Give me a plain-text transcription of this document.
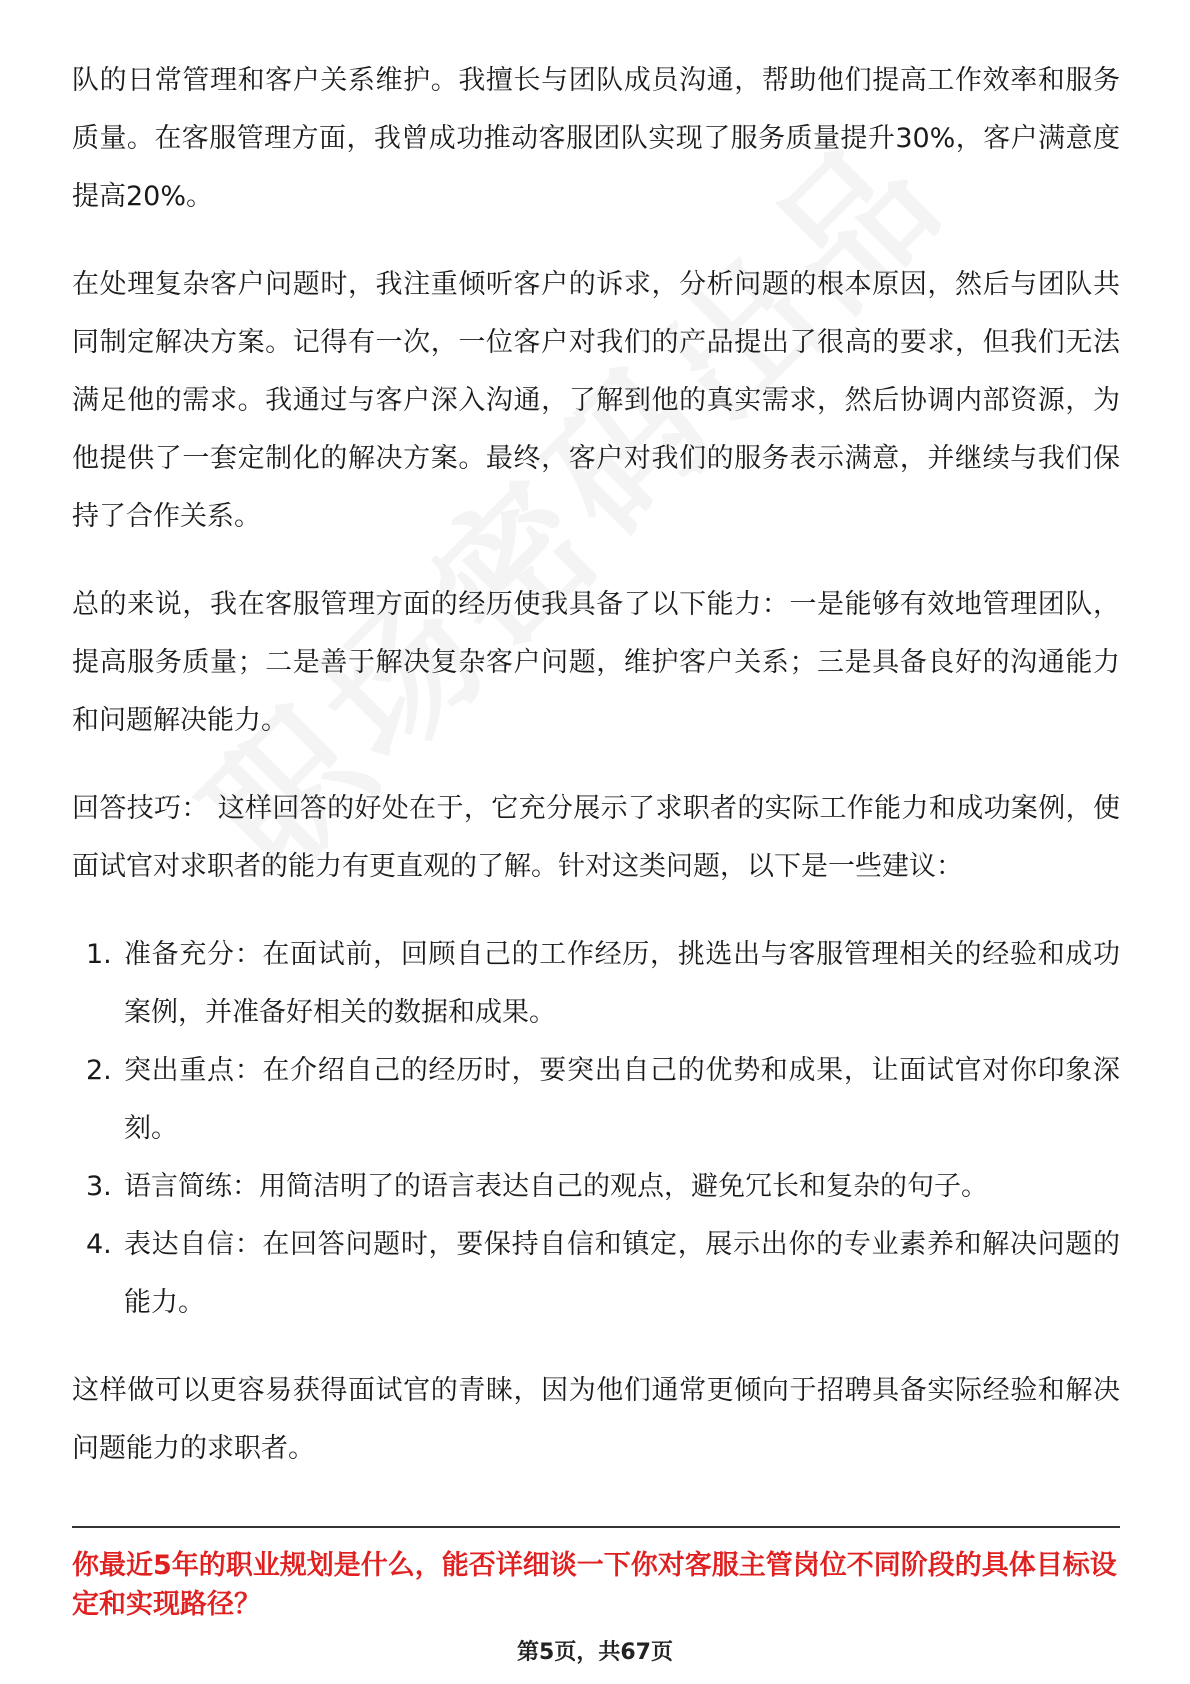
队的日常管理和客户关系维护。我擅长与团队成员沟通，帮助他们提高工作效率和服务质量。在客服管理方面，我曾成功推动客服团队实现了服务质量提升30%，客户满意度提高20%。

在处理复杂客户问题时，我注重倾听客户的诉求，分析问题的根本原因，然后与团队共同制定解决方案。记得有一次，一位客户对我们的产品提出了很高的要求，但我们无法满足他的需求。我通过与客户深入沟通，了解到他的真实需求，然后协调内部资源，为他提供了一套定制化的解决方案。最终，客户对我们的服务表示满意，并继续与我们保持了合作关系。

总的来说，我在客服管理方面的经历使我具备了以下能力：一是能够有效地管理团队，提高服务质量；二是善于解决复杂客户问题，维护客户关系；三是具备良好的沟通能力和问题解决能力。

回答技巧： 这样回答的好处在于，它充分展示了求职者的实际工作能力和成功案例，使面试官对求职者的能力有更直观的了解。针对这类问题，以下是一些建议：

1. 准备充分：在面试前，回顾自己的工作经历，挑选出与客服管理相关的经验和成功案例，并准备好相关的数据和成果。
2. 突出重点：在介绍自己的经历时，要突出自己的优势和成果，让面试官对你印象深刻。
3. 语言简练：用简洁明了的语言表达自己的观点，避免冗长和复杂的句子。
4. 表达自信：在回答问题时，要保持自信和镇定，展示出你的专业素养和解决问题的能力。

这样做可以更容易获得面试官的青睐，因为他们通常更倾向于招聘具备实际经验和解决问题能力的求职者。

你最近5年的职业规划是什么，能否详细谈一下你对客服主管岗位不同阶段的具体目标设定和实现路径？
第5页，共67页
